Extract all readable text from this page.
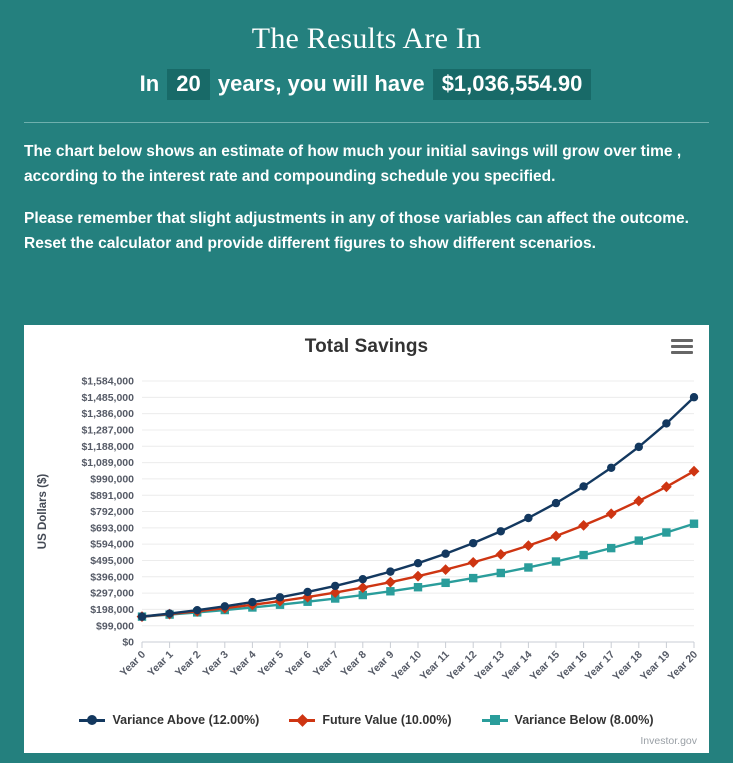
The Results Are In
In 20 years, you will have $1,036,554.90

The chart below shows an estimate of how much your initial savings will grow over time , according to the interest rate and compounding schedule you specified.

Please remember that slight adjustments in any of those variables can affect the outcome. Reset the calculator and provide different figures to show different scenarios.

Total Savings
$0
$99,000
$198,000
$297,000
$396,000
$495,000
$594,000
$693,000
$792,000
$891,000
$990,000
$1,089,000
$1,188,000
$1,287,000
$1,386,000
$1,485,000
$1,584,000
Year 0
Year 1
Year 2
Year 3
Year 4
Year 5
Year 6
Year 7
Year 8
Year 9
Year 10
Year 11
Year 12
Year 13
Year 14
Year 15
Year 16
Year 17
Year 18
Year 19
Year 20
US Dollars ($)
Variance Above (12.00%)	Future Value (10.00%)	Variance Below (8.00%)
Investor.gov
